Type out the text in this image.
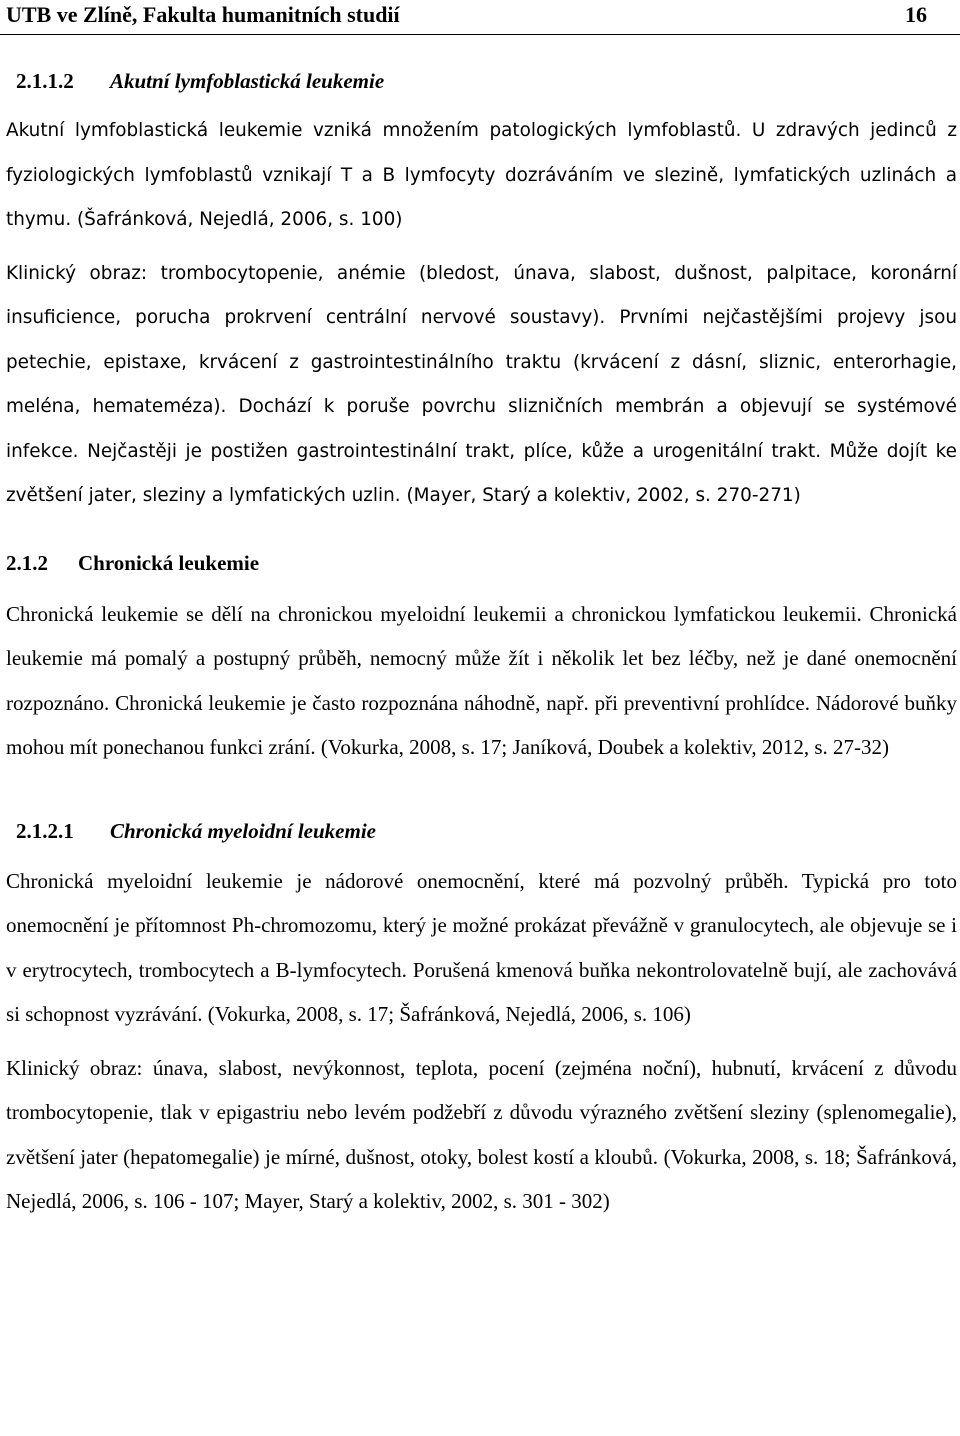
UTB ve Zlíně, Fakulta humanitních studií	16
2.1.1.2 Akutní lymfoblastická leukemie

Akutní lymfoblastická leukemie vzniká množením patologických lymfoblastů. U zdravých jedinců z fyziologických lymfoblastů vznikají T a B lymfocyty dozráváním ve slezině, lymfatických uzlinách a thymu. (Šafránková, Nejedlá, 2006, s. 100)

Klinický obraz: trombocytopenie, anémie (bledost, únava, slabost, dušnost, palpitace, koronární insuficience, porucha prokrvení centrální nervové soustavy). Prvními nejčastějšími projevy jsou petechie, epistaxe, krvácení z gastrointestinálního traktu (krvácení z dásní, sliznic, enterorhagie, meléna, hemateméza). Dochází k poruše povrchu slizničních membrán a objevují se systémové infekce. Nejčastěji je postižen gastrointestinální trakt, plíce, kůže a urogenitální trakt. Může dojít ke zvětšení jater, sleziny a lymfatických uzlin. (Mayer, Starý a kolektiv, 2002, s. 270-271)

2.1.2 Chronická leukemie

Chronická leukemie se dělí na chronickou myeloidní leukemii a chronickou lymfatickou leukemii. Chronická leukemie má pomalý a postupný průběh, nemocný může žít i několik let bez léčby, než je dané onemocnění rozpoznáno. Chronická leukemie je často rozpoznána náhodně, např. při preventivní prohlídce. Nádorové buňky mohou mít ponechanou funkci zrání. (Vokurka, 2008, s. 17; Janíková, Doubek a kolektiv, 2012, s. 27-32)

2.1.2.1 Chronická myeloidní leukemie

Chronická myeloidní leukemie je nádorové onemocnění, které má pozvolný průběh. Typická pro toto onemocnění je přítomnost Ph-chromozomu, který je možné prokázat převážně v granulocytech, ale objevuje se i v erytrocytech, trombocytech a B-lymfocytech. Porušená kmenová buňka nekontrolovatelně bují, ale zachovává si schopnost vyzrávání. (Vokurka, 2008, s. 17; Šafránková, Nejedlá, 2006, s. 106)

Klinický obraz: únava, slabost, nevýkonnost, teplota, pocení (zejména noční), hubnutí, krvácení z důvodu trombocytopenie, tlak v epigastriu nebo levém podžebří z důvodu výrazného zvětšení sleziny (splenomegalie), zvětšení jater (hepatomegalie) je mírné, dušnost, otoky, bolest kostí a kloubů. (Vokurka, 2008, s. 18; Šafránková, Nejedlá, 2006, s. 106 - 107; Mayer, Starý a kolektiv, 2002, s. 301 - 302)
